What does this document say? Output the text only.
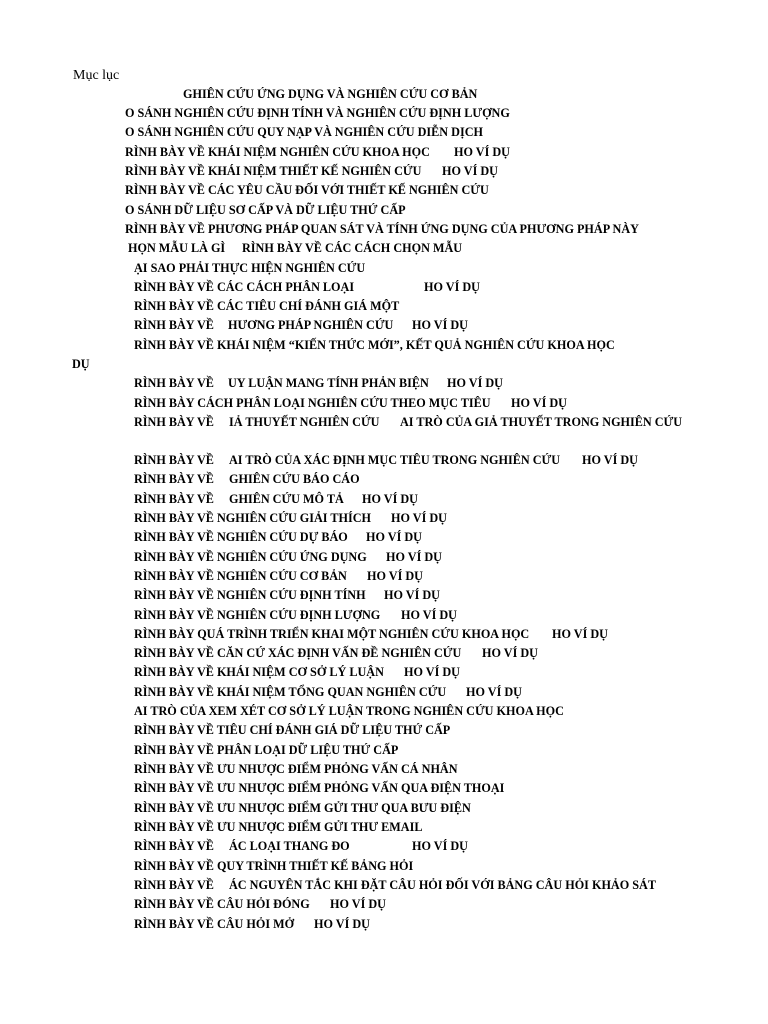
Mục lục
GHIÊN CỨU ỨNG DỤNG VÀ NGHIÊN CỨU CƠ BẢN
O SÁNH NGHIÊN CỨU ĐỊNH TÍNH VÀ NGHIÊN CỨU ĐỊNH LƯỢNG
O SÁNH NGHIÊN CỨU QUY NẠP VÀ NGHIÊN CỨU DIỄN DỊCH
RÌNH BÀY VỀ KHÁI NIỆM NGHIÊN CỨU KHOA HỌC HO VÍ DỤ
RÌNH BÀY VỀ KHÁI NIỆM THIẾT KẾ NGHIÊN CỨU HO VÍ DỤ
RÌNH BÀY VỀ CÁC YÊU CẦU ĐỐI VỚI THIẾT KẾ NGHIÊN CỨU
O SÁNH DỮ LIỆU SƠ CẤP VÀ DỮ LIỆU THỨ CẤP
RÌNH BÀY VỀ PHƯƠNG PHÁP QUAN SÁT VÀ TÍNH ỨNG DỤNG CỦA PHƯƠNG PHÁP NÀY
HỌN MẪU LÀ GÌ RÌNH BÀY VỀ CÁC CÁCH CHỌN MẪU
ẠI SAO PHẢI THỰC HIỆN NGHIÊN CỨU
RÌNH BÀY VỀ CÁC CÁCH PHÂN LOẠI	HO VÍ DỤ
RÌNH BÀY VỀ CÁC TIÊU CHÍ ĐÁNH GIÁ MỘT
RÌNH BÀY VỀ HƯƠNG PHÁP NGHIÊN CỨU HO VÍ DỤ
RÌNH BÀY VỀ KHÁI NIỆM “KIẾN THỨC MỚI”, KẾT QUẢ NGHIÊN CỨU KHOA HỌC
DỤ
RÌNH BÀY VỀ UY LUẬN MANG TÍNH PHẢN BIỆN HO VÍ DỤ
RÌNH BÀY CÁCH PHÂN LOẠI NGHIÊN CỨU THEO MỤC TIÊU HO VÍ DỤ
RÌNH BÀY VỀ IẢ THUYẾT NGHIÊN CỨU AI TRÒ CỦA GIẢ THUYẾT TRONG NGHIÊN CỨU
RÌNH BÀY VỀ AI TRÒ CỦA XÁC ĐỊNH MỤC TIÊU TRONG NGHIÊN CỨU HO VÍ DỤ
RÌNH BÀY VỀ GHIÊN CỨU BÁO CÁO
RÌNH BÀY VỀ GHIÊN CỨU MÔ TẢ HO VÍ DỤ
RÌNH BÀY VỀ NGHIÊN CỨU GIẢI THÍCH HO VÍ DỤ
RÌNH BÀY VỀ NGHIÊN CỨU DỰ BÁO HO VÍ DỤ
RÌNH BÀY VỀ NGHIÊN CỨU ỨNG DỤNG HO VÍ DỤ
RÌNH BÀY VỀ NGHIÊN CỨU CƠ BẢN HO VÍ DỤ
RÌNH BÀY VỀ NGHIÊN CỨU ĐỊNH TÍNH HO VÍ DỤ
RÌNH BÀY VỀ NGHIÊN CỨU ĐỊNH LƯỢNG HO VÍ DỤ
RÌNH BÀY QUÁ TRÌNH TRIỂN KHAI MỘT NGHIÊN CỨU KHOA HỌC HO VÍ DỤ
RÌNH BÀY VỀ CĂN CỨ XÁC ĐỊNH VẤN ĐỀ NGHIÊN CỨU HO VÍ DỤ
RÌNH BÀY VỀ KHÁI NIỆM CƠ SỞ LÝ LUẬN HO VÍ DỤ
RÌNH BÀY VỀ KHÁI NIỆM TỔNG QUAN NGHIÊN CỨU HO VÍ DỤ
AI TRÒ CỦA XEM XÉT CƠ SỞ LÝ LUẬN TRONG NGHIÊN CỨU KHOA HỌC
RÌNH BÀY VỀ TIÊU CHÍ ĐÁNH GIÁ DỮ LIỆU THỨ CẤP
RÌNH BÀY VỀ PHÂN LOẠI DỮ LIỆU THỨ CẤP
RÌNH BÀY VỀ ƯU NHƯỢC ĐIỂM PHỎNG VẤN CÁ NHÂN
RÌNH BÀY VỀ ƯU NHƯỢC ĐIỂM PHỎNG VẤN QUA ĐIỆN THOẠI
RÌNH BÀY VỀ ƯU NHƯỢC ĐIỂM GỬI THƯ QUA BƯU ĐIỆN
RÌNH BÀY VỀ ƯU NHƯỢC ĐIỂM GỬI THƯ EMAIL
RÌNH BÀY VỀ ÁC LOẠI THANG ĐO	HO VÍ DỤ
RÌNH BÀY VỀ QUY TRÌNH THIẾT KẾ BẢNG HỎI
RÌNH BÀY VỀ ÁC NGUYÊN TẮC KHI ĐẶT CÂU HỎI ĐỐI VỚI BẢNG CÂU HỎI KHẢO SÁT
RÌNH BÀY VỀ CÂU HỎI ĐÓNG HO VÍ DỤ
RÌNH BÀY VỀ CÂU HỎI MỞ HO VÍ DỤ
